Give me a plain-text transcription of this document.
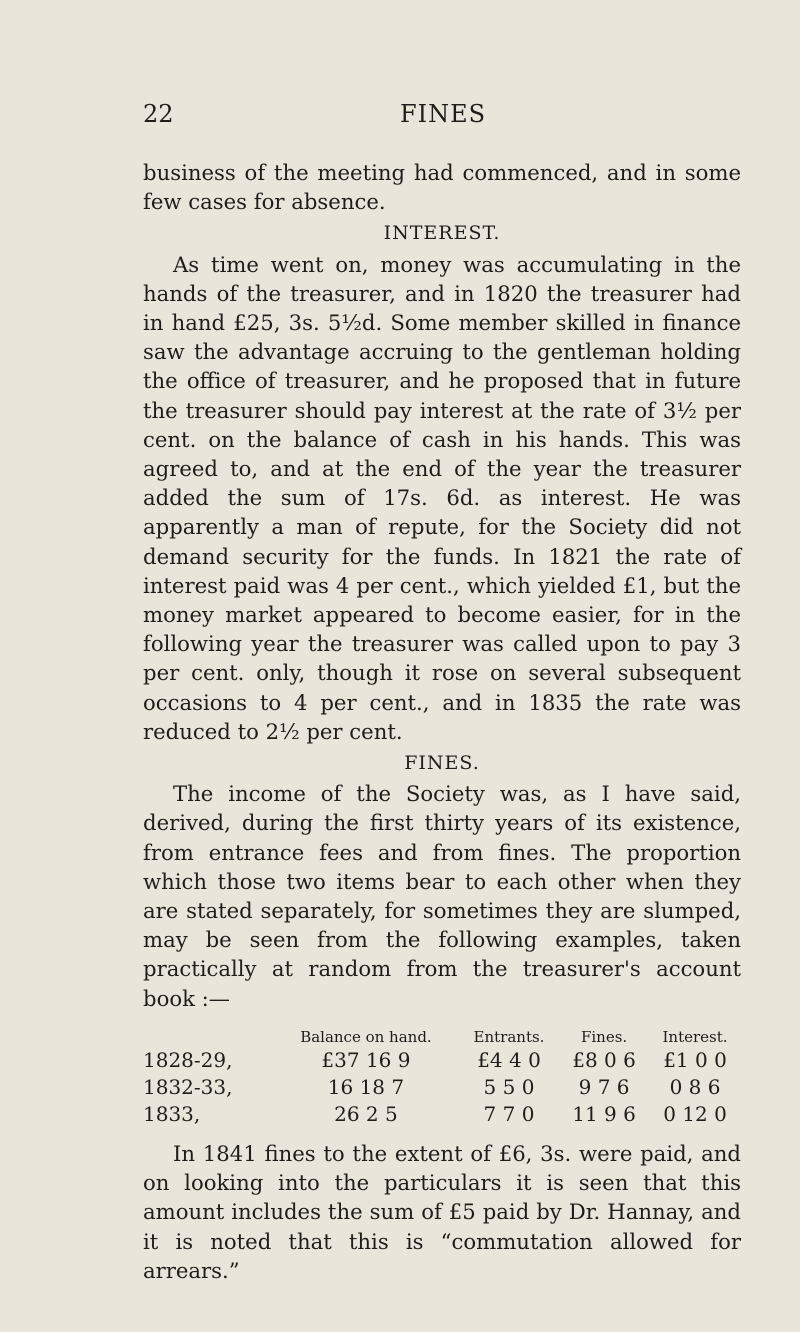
22	FINES

business of the meeting had commenced, and in some few cases for absence.

INTEREST.

As time went on, money was accumulating in the hands of the treasurer, and in 1820 the treasurer had in hand £25, 3s. 5½d. Some member skilled in finance saw the advantage accruing to the gentleman holding the office of treasurer, and he proposed that in future the treasurer should pay interest at the rate of 3½ per cent. on the balance of cash in his hands. This was agreed to, and at the end of the year the treasurer added the sum of 17s. 6d. as interest. He was apparently a man of repute, for the Society did not demand security for the funds. In 1821 the rate of interest paid was 4 per cent., which yielded £1, but the money market appeared to become easier, for in the following year the treasurer was called upon to pay 3 per cent. only, though it rose on several subsequent occasions to 4 per cent., and in 1835 the rate was reduced to 2½ per cent.

FINES.

The income of the Society was, as I have said, derived, during the first thirty years of its existence, from entrance fees and from fines. The proportion which those two items bear to each other when they are stated separately, for sometimes they are slumped, may be seen from the following examples, taken practically at random from the treasurer's account book :—

	Balance on hand.	Entrants.	Fines.	Interest.
1828-29,	£37 16 9	£4 4 0	£8 0 6	£1 0 0
1832-33,	16 18 7	5 5 0	9 7 6	0 8 6
1833,	26 2 5	7 7 0	11 9 6	0 12 0

In 1841 fines to the extent of £6, 3s. were paid, and on looking into the particulars it is seen that this amount includes the sum of £5 paid by Dr. Hannay, and it is noted that this is “commutation allowed for arrears.”
